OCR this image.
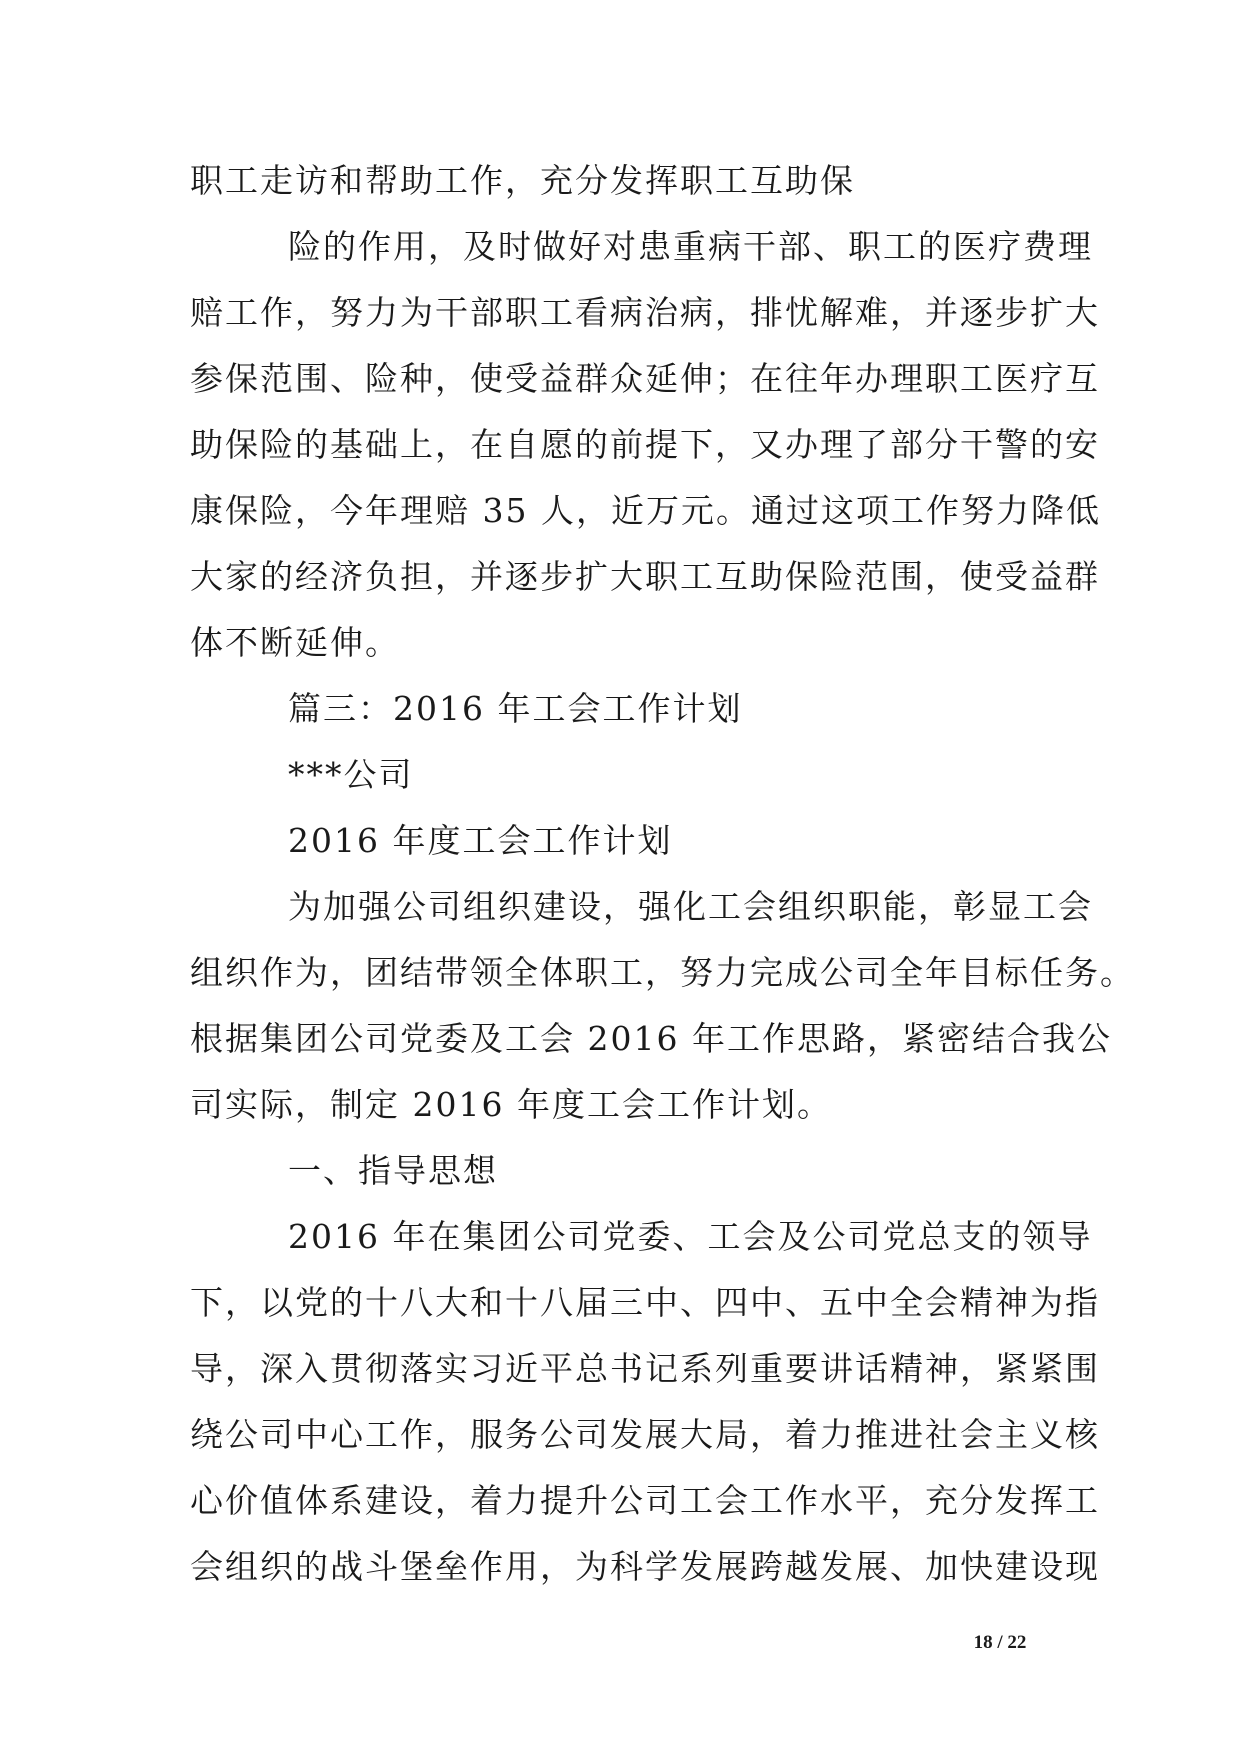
职工走访和帮助工作，充分发挥职工互助保
险的作用，及时做好对患重病干部、职工的医疗费理
赔工作，努力为干部职工看病治病，排忧解难，并逐步扩大
参保范围、险种，使受益群众延伸；在往年办理职工医疗互
助保险的基础上，在自愿的前提下，又办理了部分干警的安
康保险，今年理赔 35 人，近万元。通过这项工作努力降低
大家的经济负担，并逐步扩大职工互助保险范围，使受益群
体不断延伸。
篇三：2016 年工会工作计划
***公司
2016 年度工会工作计划
为加强公司组织建设，强化工会组织职能，彰显工会
组织作为，团结带领全体职工，努力完成公司全年目标任务。
根据集团公司党委及工会 2016 年工作思路，紧密结合我公
司实际，制定 2016 年度工会工作计划。
一、指导思想
2016 年在集团公司党委、工会及公司党总支的领导
下，以党的十八大和十八届三中、四中、五中全会精神为指
导，深入贯彻落实习近平总书记系列重要讲话精神，紧紧围
绕公司中心工作，服务公司发展大局，着力推进社会主义核
心价值体系建设，着力提升公司工会工作水平，充分发挥工
会组织的战斗堡垒作用，为科学发展跨越发展、加快建设现
18 / 22
